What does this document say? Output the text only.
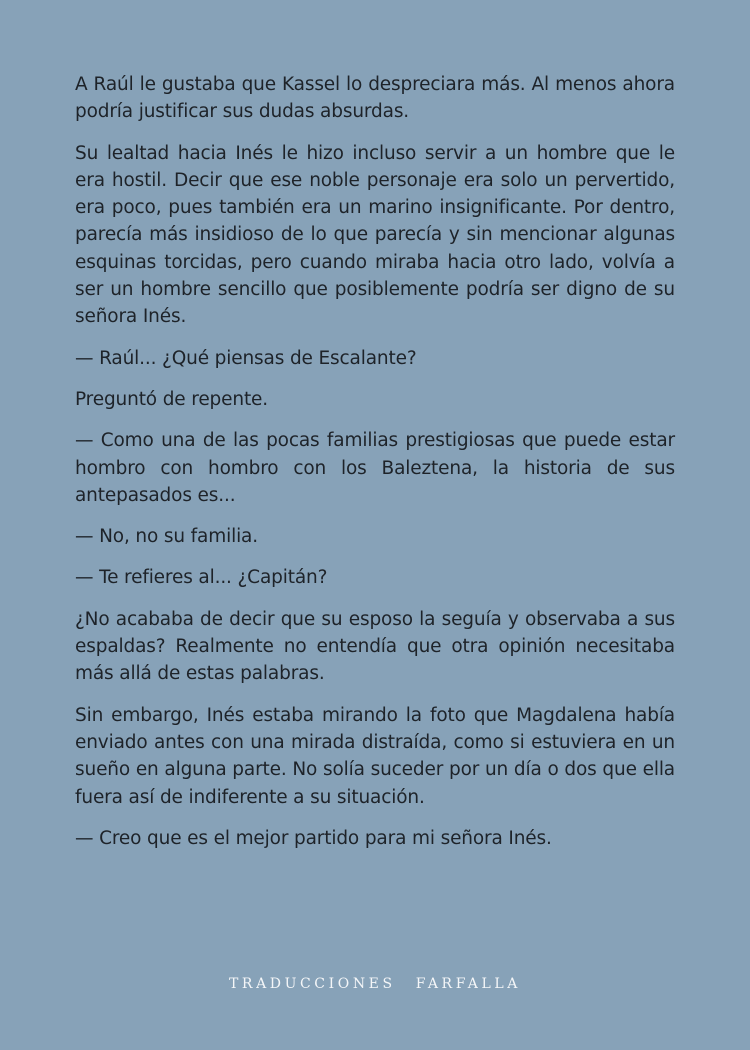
A Raúl le gustaba que Kassel lo despreciara más. Al menos ahora podría justificar sus dudas absurdas.

Su lealtad hacia Inés le hizo incluso servir a un hombre que le era hostil. Decir que ese noble personaje era solo un pervertido, era poco, pues también era un marino insignificante. Por dentro, parecía más insidioso de lo que parecía y sin mencionar algunas esquinas torcidas, pero cuando miraba hacia otro lado, volvía a ser un hombre sencillo que posiblemente podría ser digno de su señora Inés.

— Raúl... ¿Qué piensas de Escalante?

Preguntó de repente.

— Como una de las pocas familias prestigiosas que puede estar hombro con hombro con los Baleztena, la historia de sus antepasados es...

— No, no su familia.

— Te refieres al... ¿Capitán?

¿No acababa de decir que su esposo la seguía y observaba a sus espaldas? Realmente no entendía que otra opinión necesitaba más allá de estas palabras.

Sin embargo, Inés estaba mirando la foto que Magdalena había enviado antes con una mirada distraída, como si estuviera en un sueño en alguna parte. No solía suceder por un día o dos que ella fuera así de indiferente a su situación.

— Creo que es el mejor partido para mi señora Inés.

TRADUCCIONES FARFALLA
